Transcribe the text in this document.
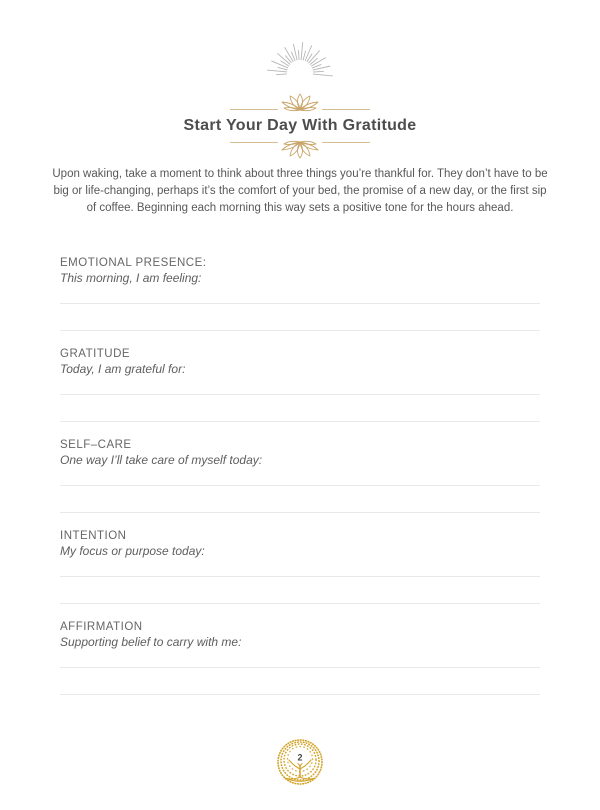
Start Your Day With Gratitude

Upon waking, take a moment to think about three things you’re thankful for. They don’t have to be big or life-changing, perhaps it’s the comfort of your bed, the promise of a new day, or the first sip of coffee. Beginning each morning this way sets a positive tone for the hours ahead.

EMOTIONAL PRESENCE:
This morning, I am feeling:
GRATITUDE
Today, I am grateful for:
SELF–CARE
One way I’ll take care of myself today:
INTENTION
My focus or purpose today:
AFFIRMATION
Supporting belief to carry with me:
2
